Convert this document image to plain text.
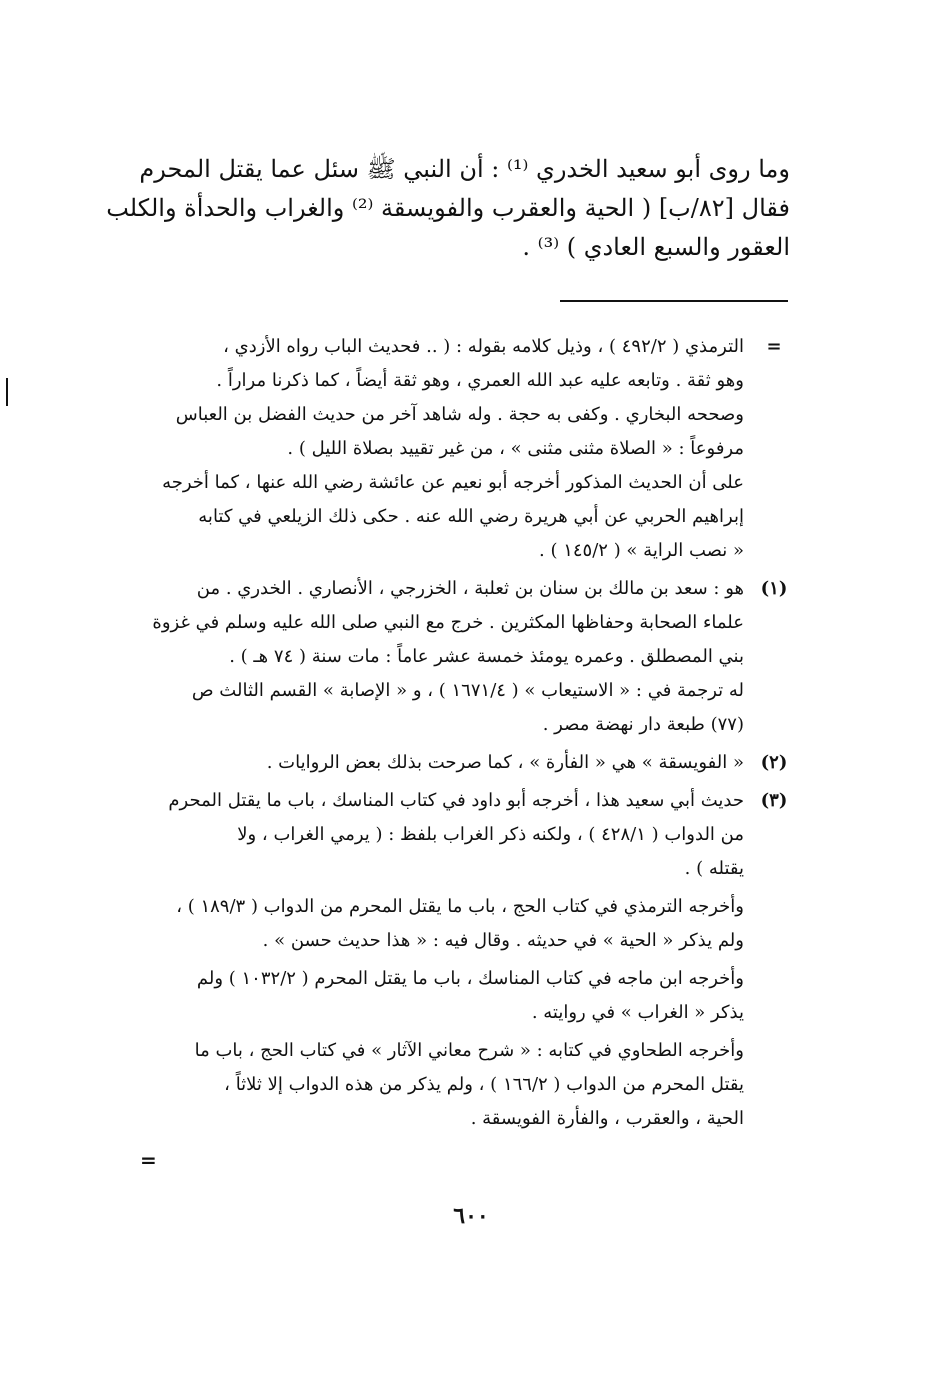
وما روى أبو سعيد الخدري ⁽¹⁾ : أن النبي ﷺ سئل عما يقتل المحرم
فقال [٨٢/ب] ( الحية والعقرب والفويسقة ⁽²⁾ والغراب والحدأة والكلب
العقور والسبع العادي ) ⁽³⁾ .
=
الترمذي ( ٤٩٢/٢ ) ، وذيل كلامه بقوله : ( .. فحديث الباب رواه الأزدي ،
وهو ثقة . وتابعه عليه عبد الله العمري ، وهو ثقة أيضاً ، كما ذكرنا مراراً .
وصححه البخاري . وكفى به حجة . وله شاهد آخر من حديث الفضل بن العباس
مرفوعاً : « الصلاة مثنى مثنى » ، من غير تقييد بصلاة الليل ) .
على أن الحديث المذكور أخرجه أبو نعيم عن عائشة رضي الله عنها ، كما أخرجه
إبراهيم الحربي عن أبي هريرة رضي الله عنه . حكى ذلك الزيلعي في كتابه
« نصب الراية » ( ١٤٥/٢ ) .
(١)
هو : سعد بن مالك بن سنان بن ثعلبة ، الخزرجي ، الأنصاري . الخدري . من
علماء الصحابة وحفاظها المكثرين . خرج مع النبي صلى الله عليه وسلم في غزوة
بني المصطلق . وعمره يومئذ خمسة عشر عاماً : مات سنة ( ٧٤ هـ ) .
له ترجمة في : « الاستيعاب » ( ١٦٧١/٤ ) ، و « الإصابة » القسم الثالث ص
(٧٧) طبعة دار نهضة مصر .
(٢)
« الفويسقة » هي « الفأرة » ، كما صرحت بذلك بعض الروايات .
(٣)
حديث أبي سعيد هذا ، أخرجه أبو داود في كتاب المناسك ، باب ما يقتل المحرم
من الدواب ( ٤٢٨/١ ) ، ولكنه ذكر الغراب بلفظ : ( يرمي الغراب ، ولا
يقتله ) .
وأخرجه الترمذي في كتاب الحج ، باب ما يقتل المحرم من الدواب ( ١٨٩/٣ ) ،
ولم يذكر « الحية » في حديثه . وقال فيه : « هذا حديث حسن » .
وأخرجه ابن ماجه في كتاب المناسك ، باب ما يقتل المحرم ( ١٠٣٢/٢ ) ولم
يذكر « الغراب » في روايته .
وأخرجه الطحاوي في كتابه : « شرح معاني الآثار » في كتاب الحج ، باب ما
يقتل المحرم من الدواب ( ١٦٦/٢ ) ، ولم يذكر من هذه الدواب إلا ثلاثاً ،
الحية ، والعقرب ، والفأرة الفويسقة .
=
٦٠٠
